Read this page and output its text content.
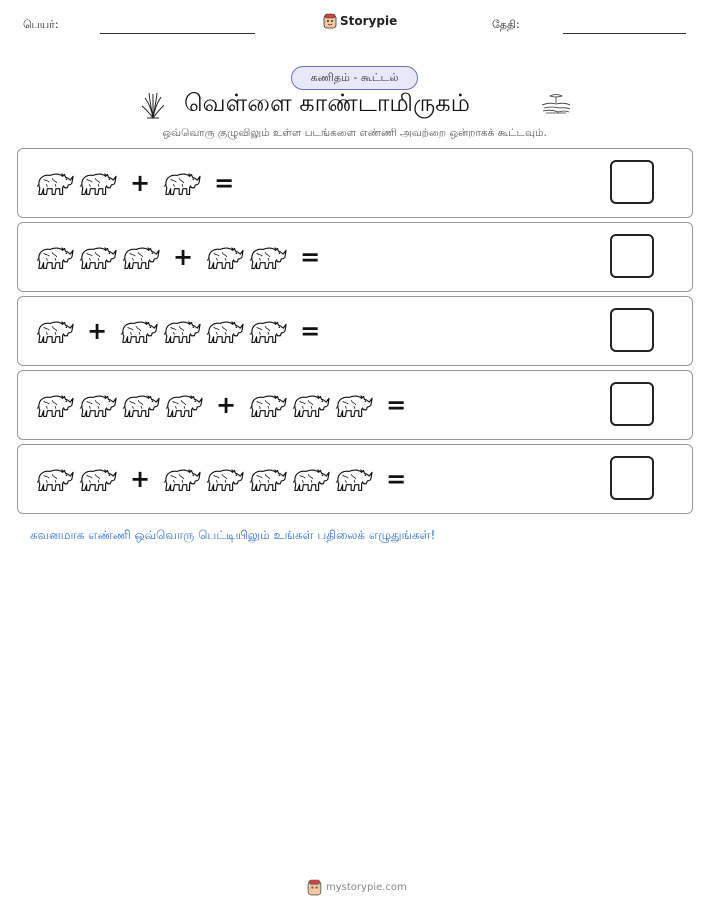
பெயர்:	Storypie	தேதி:
கணிதம் - கூட்டல்
வெள்ளை காண்டாமிருகம்
ஒவ்வொரு குழுவிலும் உள்ள படங்களை எண்ணி அவற்றை ஒன்றாகக் கூட்டவும்.
+	=
+	=
+	=
+	=
+	=
கவனமாக எண்ணி ஒவ்வொரு பெட்டியிலும் உங்கள் பதிலைக் எழுதுங்கள்!
mystorypie.com
